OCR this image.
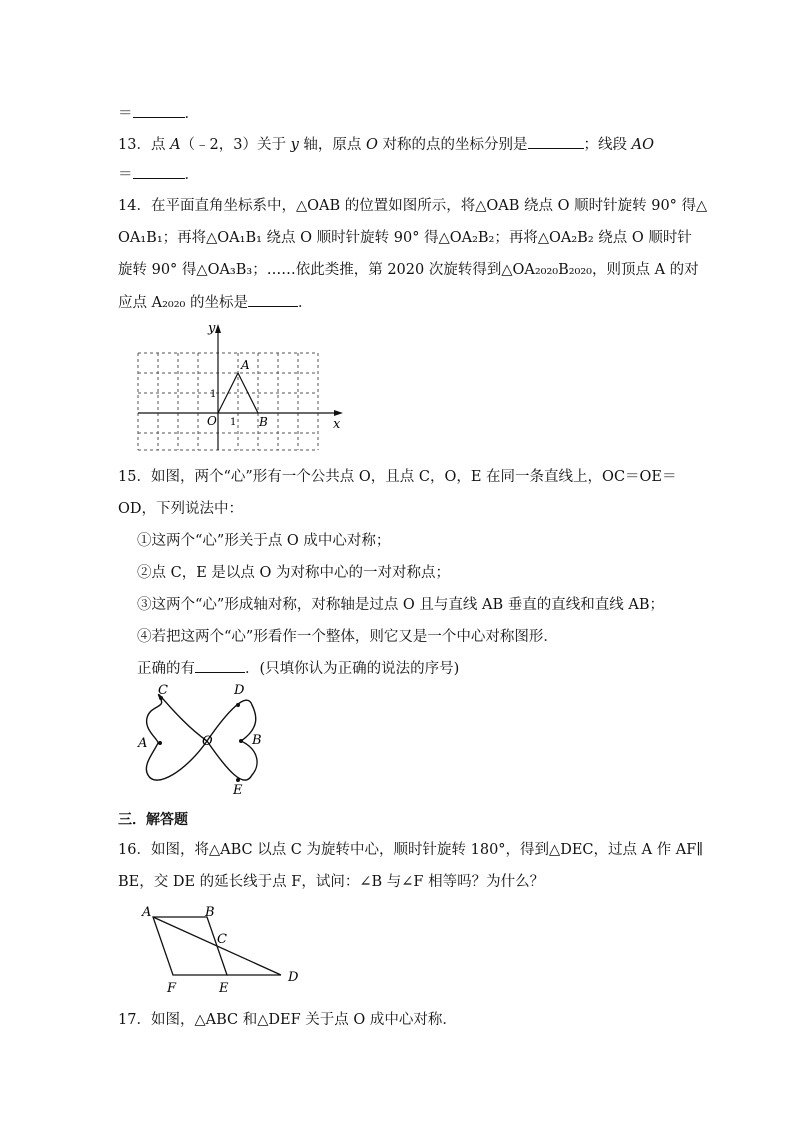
＝	．
13．点 A（﹣2，3）关于 y 轴，原点 O 对称的点的坐标分别是	；线段 AO
＝	．
14．在平面直角坐标系中，△OAB 的位置如图所示，将△OAB 绕点 O 顺时针旋转 90° 得△
OA₁B₁；再将△OA₁B₁ 绕点 O 顺时针旋转 90° 得△OA₂B₂；再将△OA₂B₂ 绕点 O 顺时针
旋转 90° 得△OA₃B₃；……依此类推，第 2020 次旋转得到△OA₂₀₂₀B₂₀₂₀，则顶点 A 的对
应点 A₂₀₂₀ 的坐标是	．
y
x
A
O	B
1
1
15．如图，两个“心”形有一个公共点 O，且点 C，O，E 在同一条直线上，OC＝OE＝
OD，下列说法中：
①这两个“心”形关于点 O 成中心对称；
②点 C，E 是以点 O 为对称中心的一对对称点；
③这两个“心”形成轴对称，对称轴是过点 O 且与直线 AB 垂直的直线和直线 AB；
④若把这两个“心”形看作一个整体，则它又是一个中心对称图形．
正确的有	．(只填你认为正确的说法的序号)
C	D
A	O	B
E
三．解答题
16．如图，将△ABC 以点 C 为旋转中心，顺时针旋转 180°，得到△DEC，过点 A 作 AF∥
BE，交 DE 的延长线于点 F，试问：∠B 与∠F 相等吗？为什么？
A	B
C
D
F	E
17．如图，△ABC 和△DEF 关于点 O 成中心对称．
